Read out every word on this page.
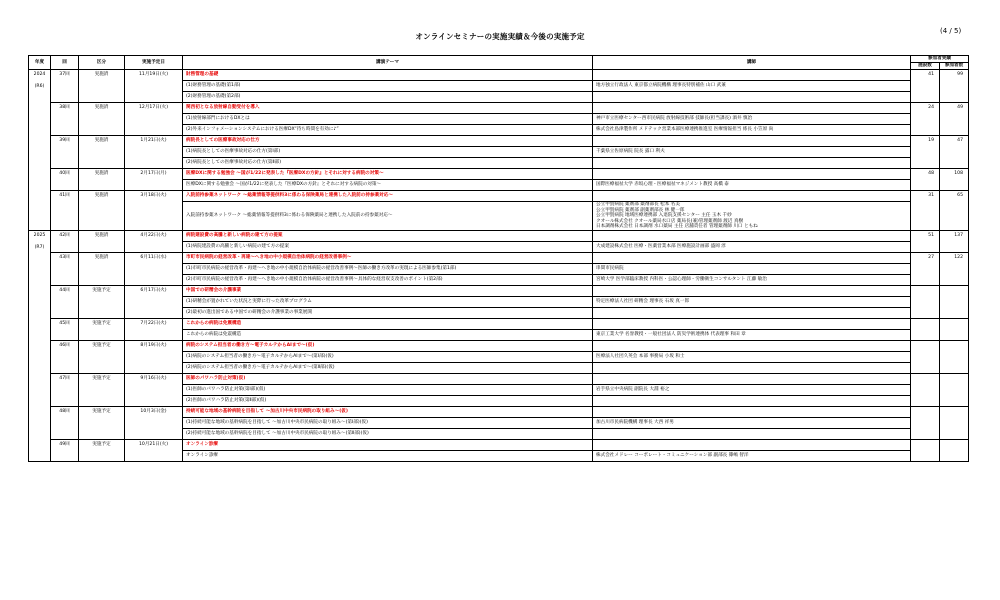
オンラインセミナーの実施実績＆今後の実施予定
(4 / 5)
年度	回	区分	実施予定日	講演テーマ	講師	参加者実績	
						施設数	参加者数

2024
(R6)	37回	実施済	11月19日(火)	財務管理の基礎		41	99
				(1)財務管理の基礎(第1部)	地方独立行政法人 東京都立病院機構 理事長特別補佐 山口 武兼		

				(2)財務管理の基礎(第2部)			
	38回	実施済	12月17日(火)	関西初となる放射線自動受付を導入		24	49
				(1)放射線部門におけるDXとは	神戸市立医療センター西市民病院 放射線技術部 技師長(担当課長) 酒井 慎治		

				(2)外来インフォメーションシステムにおける医療DX“待ち時間を有効に♪”	株式会社島津製作所 メドテック営業本部医療連携推進室 医療情報担当 係長 小笠原 尚		

	39回	実施済	1月21日(火)	病院長としての医療事故対応の仕方		19	47
				(1)病院長としての医療事故対応の仕方(第Ⅰ部)	千葉県立佐原病院 院長 露口 利夫		

				(2)病院長としての医療事故対応の仕方(第Ⅱ部)			
	40回	実施済	2月17日(月)	医療DXに関する勉強会 ～国が1/22に発表した『医療DXの方針』とそれに対する病院の対策～		48	108
				医療DXに関する勉強会 ～国が1/22に発表した『医療DXの方針』とそれに対する病院の対策～	国際医療福祉大学 赤坂心理・医療福祉マネジメント教授 高橋 泰		

	41回	実施済	3月18日(火)	入院前持参薬ネットワーク ～総薬情報等提供料3に係わる保険薬局と連携した入院前の持参薬対応～		31	65
				入院前持参薬ネットワーク ～総薬情報等提供料3に係わる保険薬局と連携した入院前の持参薬対応～	公立甲賀病院 薬剤部 薬剤部長 松本 名美
公立甲賀病院 薬剤部 副薬剤部長 林 健一郎
公立甲賀病院 地域医療連携部 入退院支援センター 主任 玉木 千紗
クオール株式会社 クオール薬局水口店 薬局長(兼)管理薬剤師 渡辺 真樹
日本調剤株式会社 日本調剤 水口薬局 主任 店舗責任者 管理薬剤師 川口 ともね		

2025
(R7)	42回	実施済	4月22日(火)	病院建設費の高騰と新しい病院の建て方の提案		51	137
				(1)病院建設費の高騰と新しい病院の建て方の提案	大成建設株式会社 医療・医薬営業本部 医療施設計画部 盛岡 淳		

	43回	実施済	6月11日(水)	市町市民病院の経営改革・再建～へき地の中小規模自治体病院の経営改善事例～		27	122
				(1)市町市民病院の経営改革・再建～へき地の中小規模自治体病院の経営改善事例～医師の働き方改革の実現による医師参集(第1部)	串間市民病院		

				(2)市町市民病院の経営改革・再建～へき地の中小規模自治体病院の経営改善事例～具体的な経営収支改善のポイント(第2部)	宮崎大学 医学部臨床教授 内科医・公認心理師・労働衛生コンサルタント 江藤 敏治		

	44回	実施予定	6月17日(火)	中国での研精会の介護事業			
				(1)研精会が置かれていた状況と実際に行った改革プログラム	特定医療法人社団 研精会 理事長 石坂 真一郎		

				(2)最初の進出国である中国での研精会の介護事業の事業展開			
	45回	実施予定	7月22日(火)	これからの病院は免震構造			
				これからの病院は免震構造	東京工業大学 名誉教授・一般社団法人 防災学術連携体 代表理事 和田 章		

	46回	実施予定	8月19日(火)	病院のシステム担当者の働き方～電子カルテからAIまで～(仮)			
				(1)病院のシステム担当者の働き方～電子カルテからAIまで～(第Ⅰ部)(仮)	医療法人社団久英会 本部 事務局 小坂 和士		

				(2)病院のシステム担当者の働き方～電子カルテからAIまで～(第Ⅱ部)(仮)			
	47回	実施予定	9月16日(火)	医師のパワハラ防止対策(仮)			
				(1)医師のパワハラ防止対策(第Ⅰ部)(仮)	岩手県立中央病院 副院長 大淵 裕之		

				(2)医師のパワハラ防止対策(第Ⅱ部)(仮)			
	48回	実施予定	10月3日(金)	持続可能な地域の基幹病院を目指して ～加古川中央市民病院の取り組み～(仮)			
				(1)持続可能な地域の基幹病院を目指して ～加古川中央市民病院の取り組み～(第Ⅰ部)(仮)	加古川市民病院機構 理事長 大西 祥男		

				(2)持続可能な地域の基幹病院を目指して ～加古川中央市民病院の取り組み～(第Ⅱ部)(仮)			
	49回	実施予定	10月21日(火)	オンライン診療			
				オンライン診療	株式会社メドレー コーポレート・コミュニケーション部 副部長 篠嶋 智洋		
